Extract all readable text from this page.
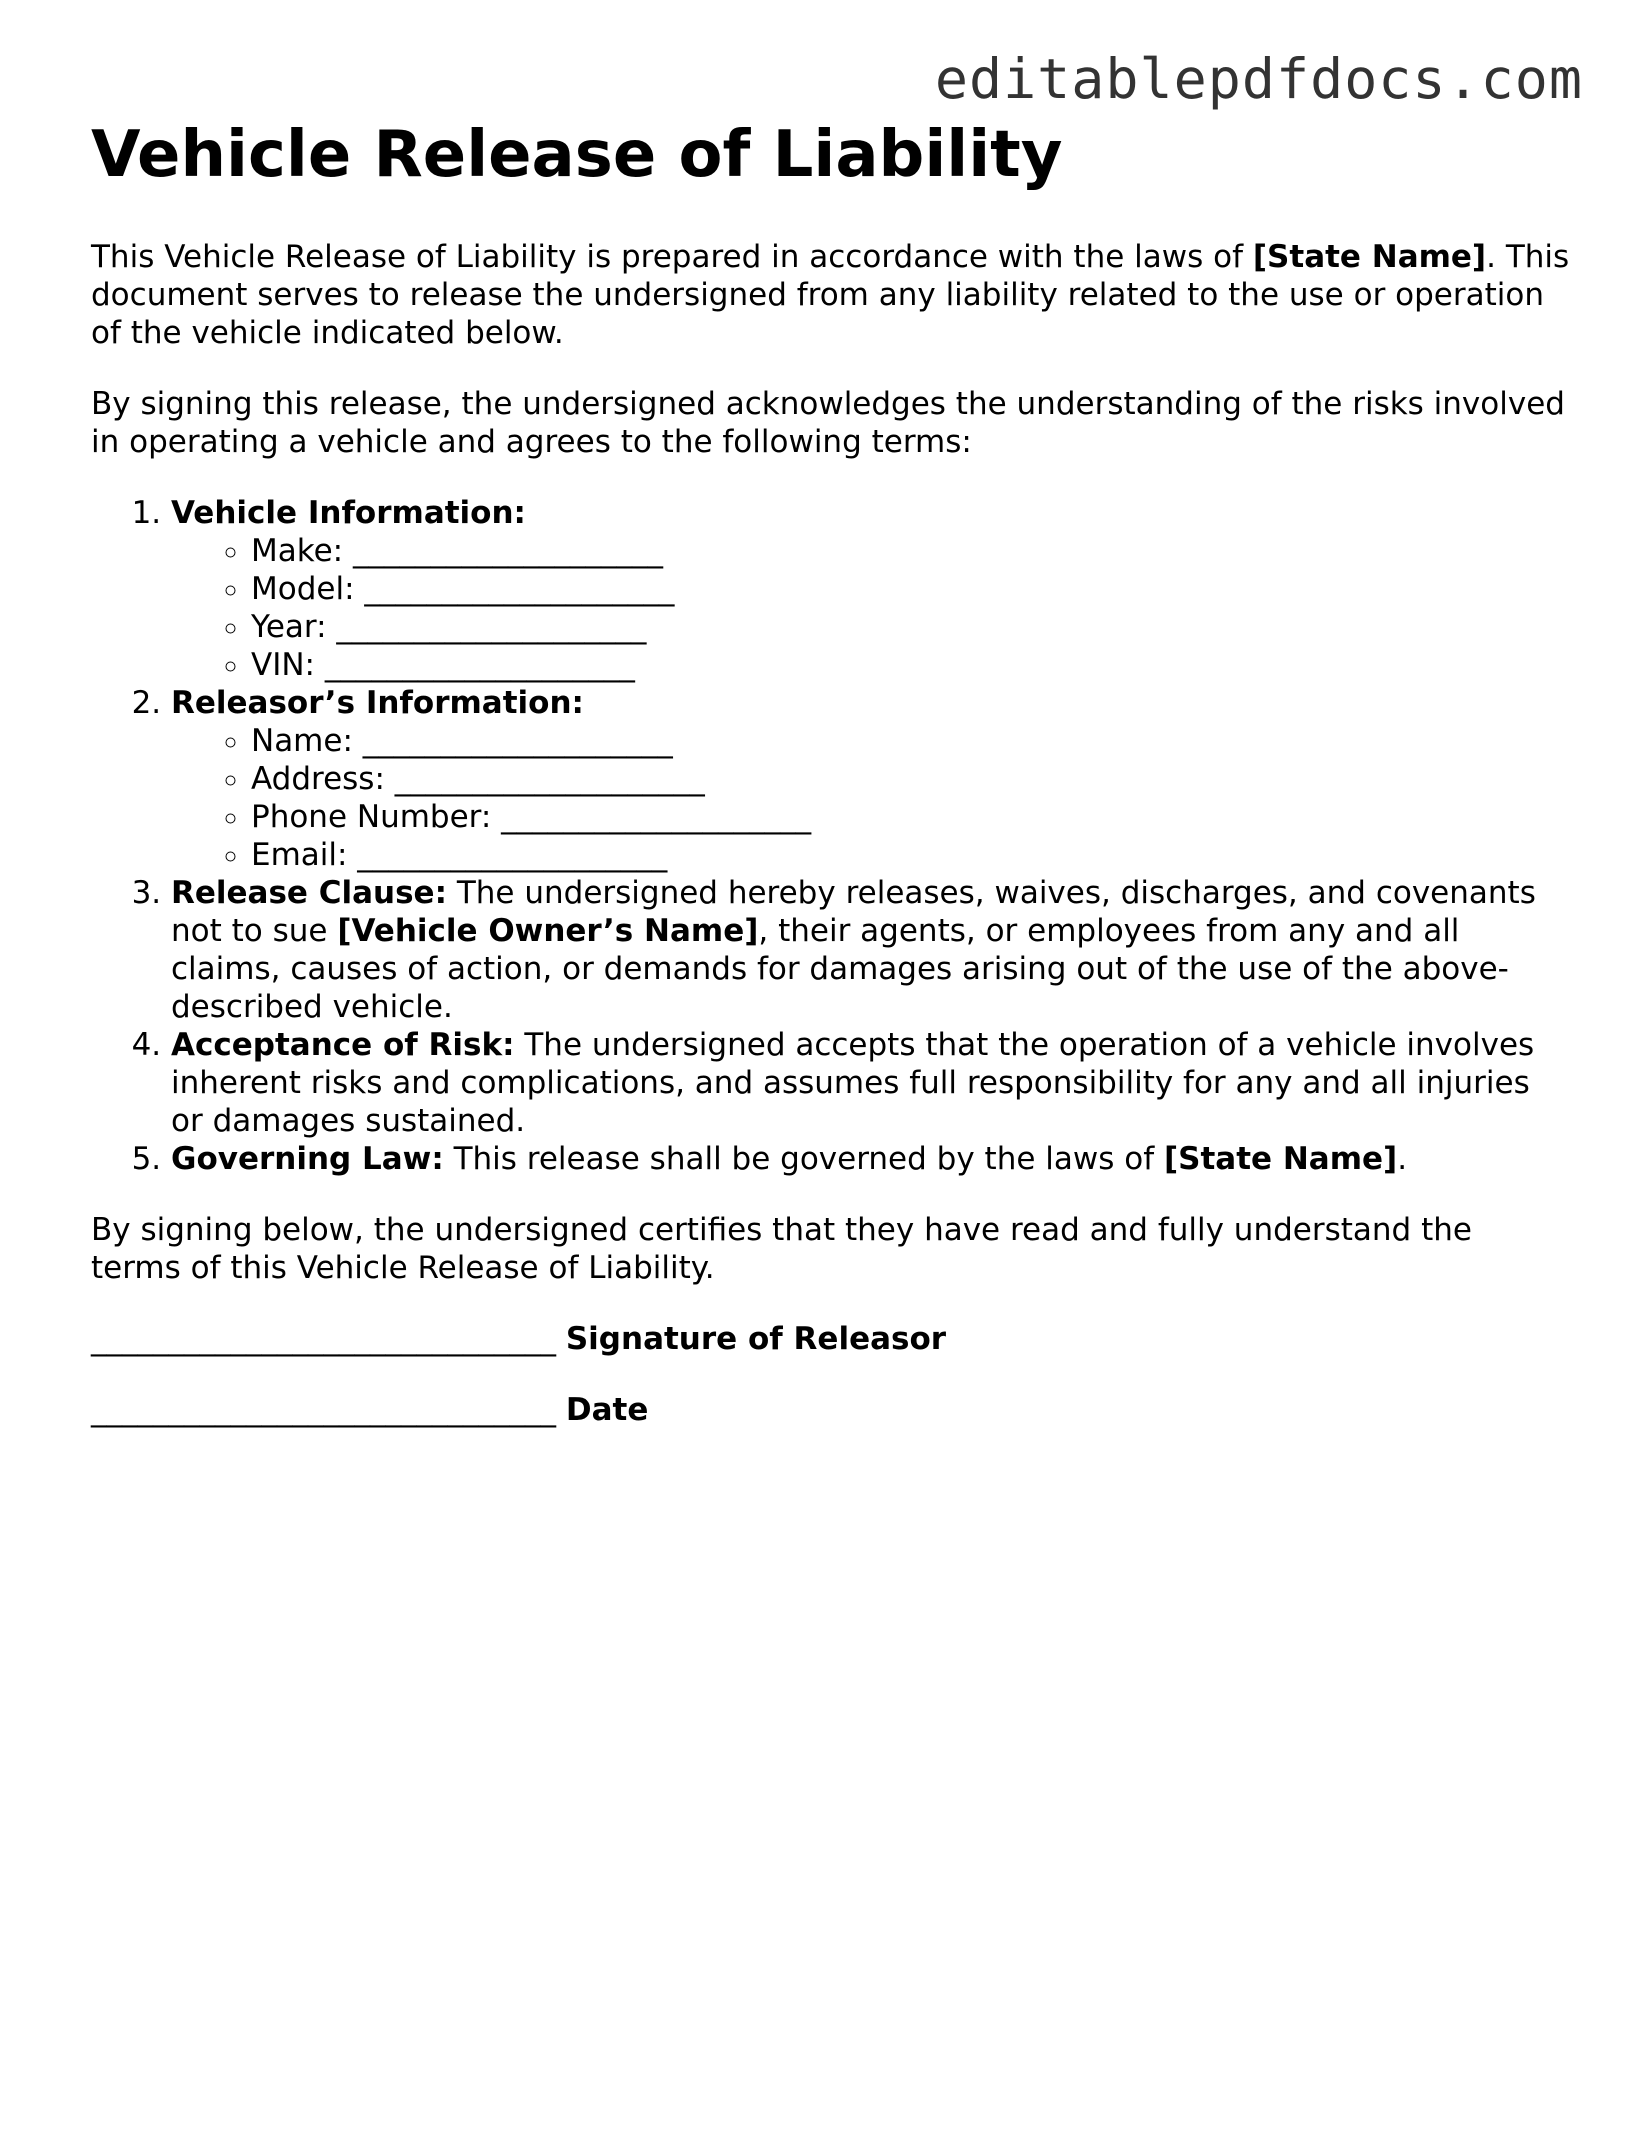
editablepdfdocs.com
Vehicle Release of Liability

This Vehicle Release of Liability is prepared in accordance with the laws of [State Name]. This document serves to release the undersigned from any liability related to the use or operation of the vehicle indicated below.

By signing this release, the undersigned acknowledges the understanding of the risks involved in operating a vehicle and agrees to the following terms:

1. Vehicle Information:
◦ Make: ____________________
◦ Model: ____________________
◦ Year: ____________________
◦ VIN: ____________________
2. Releasor’s Information:
◦ Name: ____________________
◦ Address: ____________________
◦ Phone Number: ____________________
◦ Email: ____________________
3. Release Clause: The undersigned hereby releases, waives, discharges, and covenants not to sue [Vehicle Owner’s Name], their agents, or employees from any and all claims, causes of action, or demands for damages arising out of the use of the above-described vehicle.
4. Acceptance of Risk: The undersigned accepts that the operation of a vehicle involves inherent risks and complications, and assumes full responsibility for any and all injuries or damages sustained.
5. Governing Law: This release shall be governed by the laws of [State Name].

By signing below, the undersigned certifies that they have read and fully understand the terms of this Vehicle Release of Liability.

______________________________ Signature of Releasor
______________________________ Date
